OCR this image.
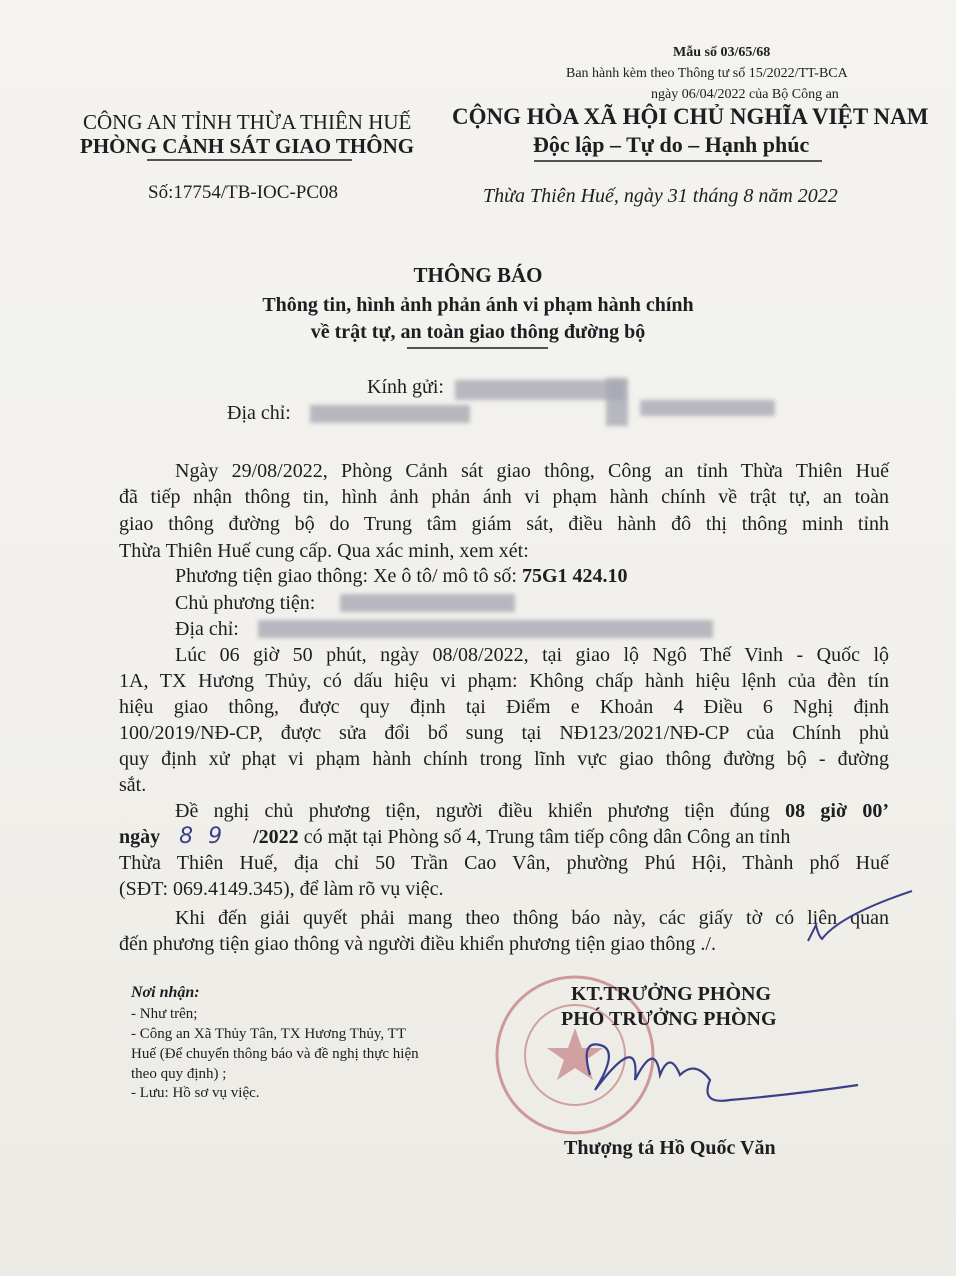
Mẫu số 03/65/68
Ban hành kèm theo Thông tư số 15/2022/TT-BCA
ngày 06/04/2022 của Bộ Công an
CÔNG AN TỈNH THỪA THIÊN HUẾ
PHÒNG CẢNH SÁT GIAO THÔNG
CỘNG HÒA XÃ HỘI CHỦ NGHĨA VIỆT NAM
Độc lập – Tự do – Hạnh phúc
Số:17754/TB-IOC-PC08	Thừa Thiên Huế, ngày 31 tháng 8 năm 2022
THÔNG BÁO
Thông tin, hình ảnh phản ánh vi phạm hành chính
về trật tự, an toàn giao thông đường bộ
Kính gửi:
Địa chỉ:
Ngày 29/08/2022, Phòng Cảnh sát giao thông, Công an tỉnh Thừa Thiên Huế
đã tiếp nhận thông tin, hình ảnh phản ánh vi phạm hành chính về trật tự, an toàn
giao thông đường bộ do Trung tâm giám sát, điều hành đô thị thông minh tỉnh
Thừa Thiên Huế cung cấp. Qua xác minh, xem xét:
Phương tiện giao thông: Xe ô tô/ mô tô số: 75G1 424.10
Chủ phương tiện:
Địa chỉ:
Lúc 06 giờ 50 phút, ngày 08/08/2022, tại giao lộ Ngô Thế Vinh - Quốc lộ
1A, TX Hương Thủy, có dấu hiệu vi phạm: Không chấp hành hiệu lệnh của đèn tín
hiệu giao thông, được quy định tại Điểm e Khoản 4 Điều 6 Nghị định
100/2019/NĐ-CP, được sửa đổi bổ sung tại NĐ123/2021/NĐ-CP của Chính phủ
quy định xử phạt vi phạm hành chính trong lĩnh vực giao thông đường bộ - đường
sắt.
Đề nghị chủ phương tiện, người điều khiển phương tiện đúng 08 giờ 00’
ngày 8 9 /2022 có mặt tại Phòng số 4, Trung tâm tiếp công dân Công an tỉnh
Thừa Thiên Huế, địa chỉ 50 Trần Cao Vân, phường Phú Hội, Thành phố Huế
(SĐT: 069.4149.345), để làm rõ vụ việc.
Khi đến giải quyết phải mang theo thông báo này, các giấy tờ có liên quan
đến phương tiện giao thông và người điều khiển phương tiện giao thông ./.
Nơi nhận:
- Như trên;
- Công an Xã Thủy Tân, TX Hương Thủy, TT
Huế (Để chuyển thông báo và đề nghị thực hiện
theo quy định) ;
- Lưu: Hồ sơ vụ việc.
KT.TRƯỞNG PHÒNG
PHÓ TRƯỞNG PHÒNG
Thượng tá Hồ Quốc Văn
